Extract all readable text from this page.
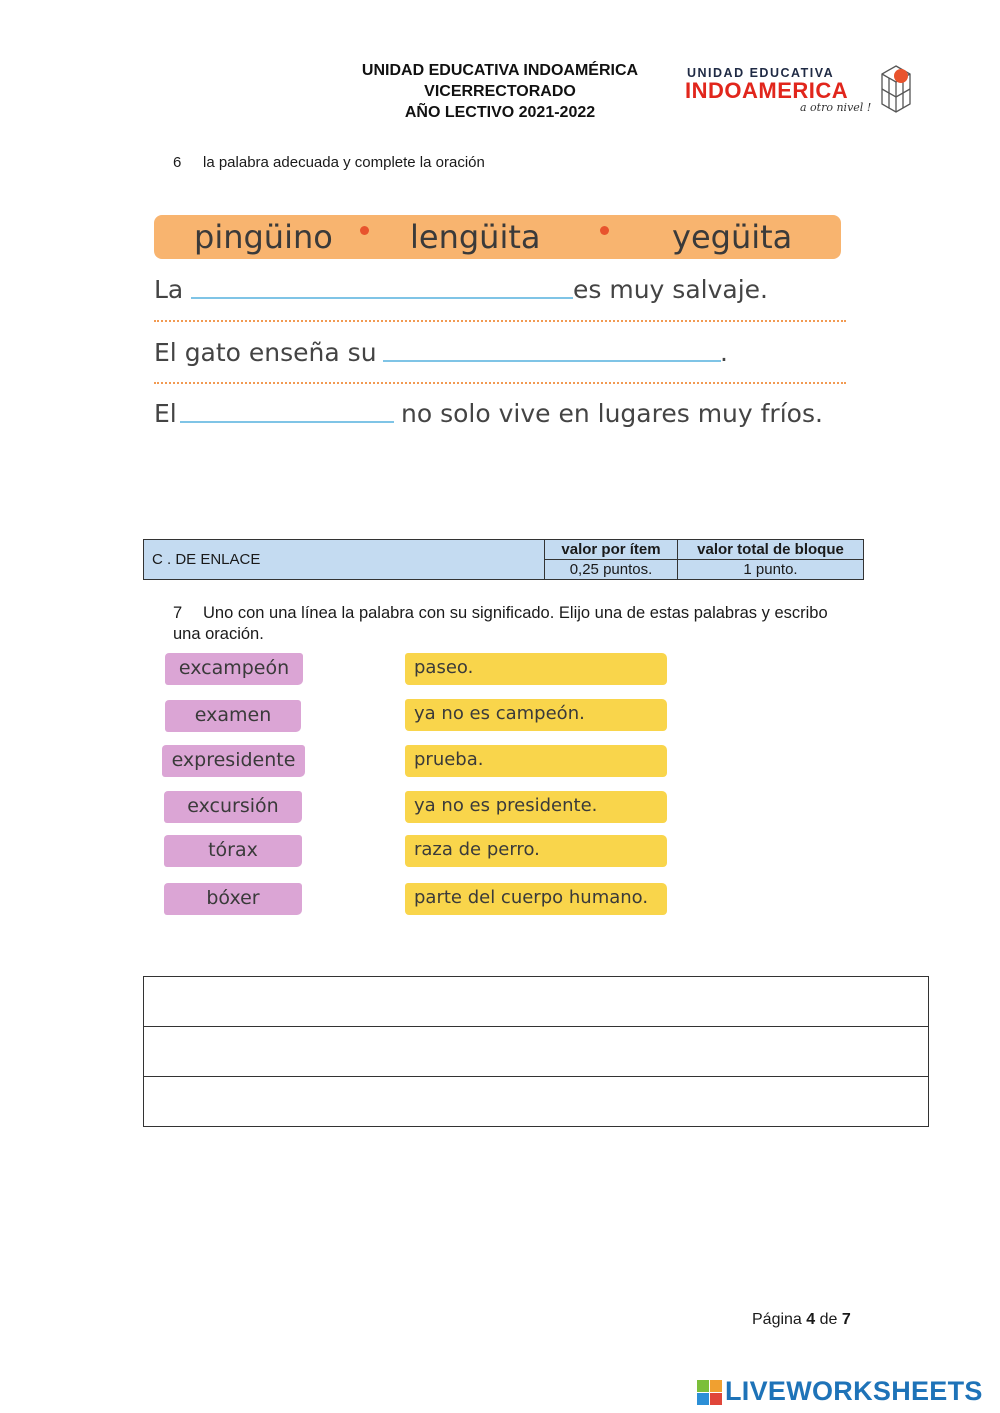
UNIDAD EDUCATIVA INDOAMÉRICA
VICERRECTORADO
AÑO LECTIVO 2021-2022
UNIDAD EDUCATIVA
INDOAMERICA
a otro nivel !
6 la palabra adecuada y complete la oración
pingüino lengüita	yegüita
La	es muy salvaje.
El gato enseña su	.
El	no solo vive en lugares muy fríos.
C . DE ENLACE	valor por ítem	valor total de bloque
	0,25 puntos.	1 punto.
7 Uno con una línea la palabra con su significado. Elijo una de estas palabras y escribo una oración.
excampeón
examen
expresidente
excursión
tórax
bóxer
paseo.
ya no es campeón.
prueba.
ya no es presidente.
raza de perro.
parte del cuerpo humano.

Página 4 de 7
LIVEWORKSHEETS
